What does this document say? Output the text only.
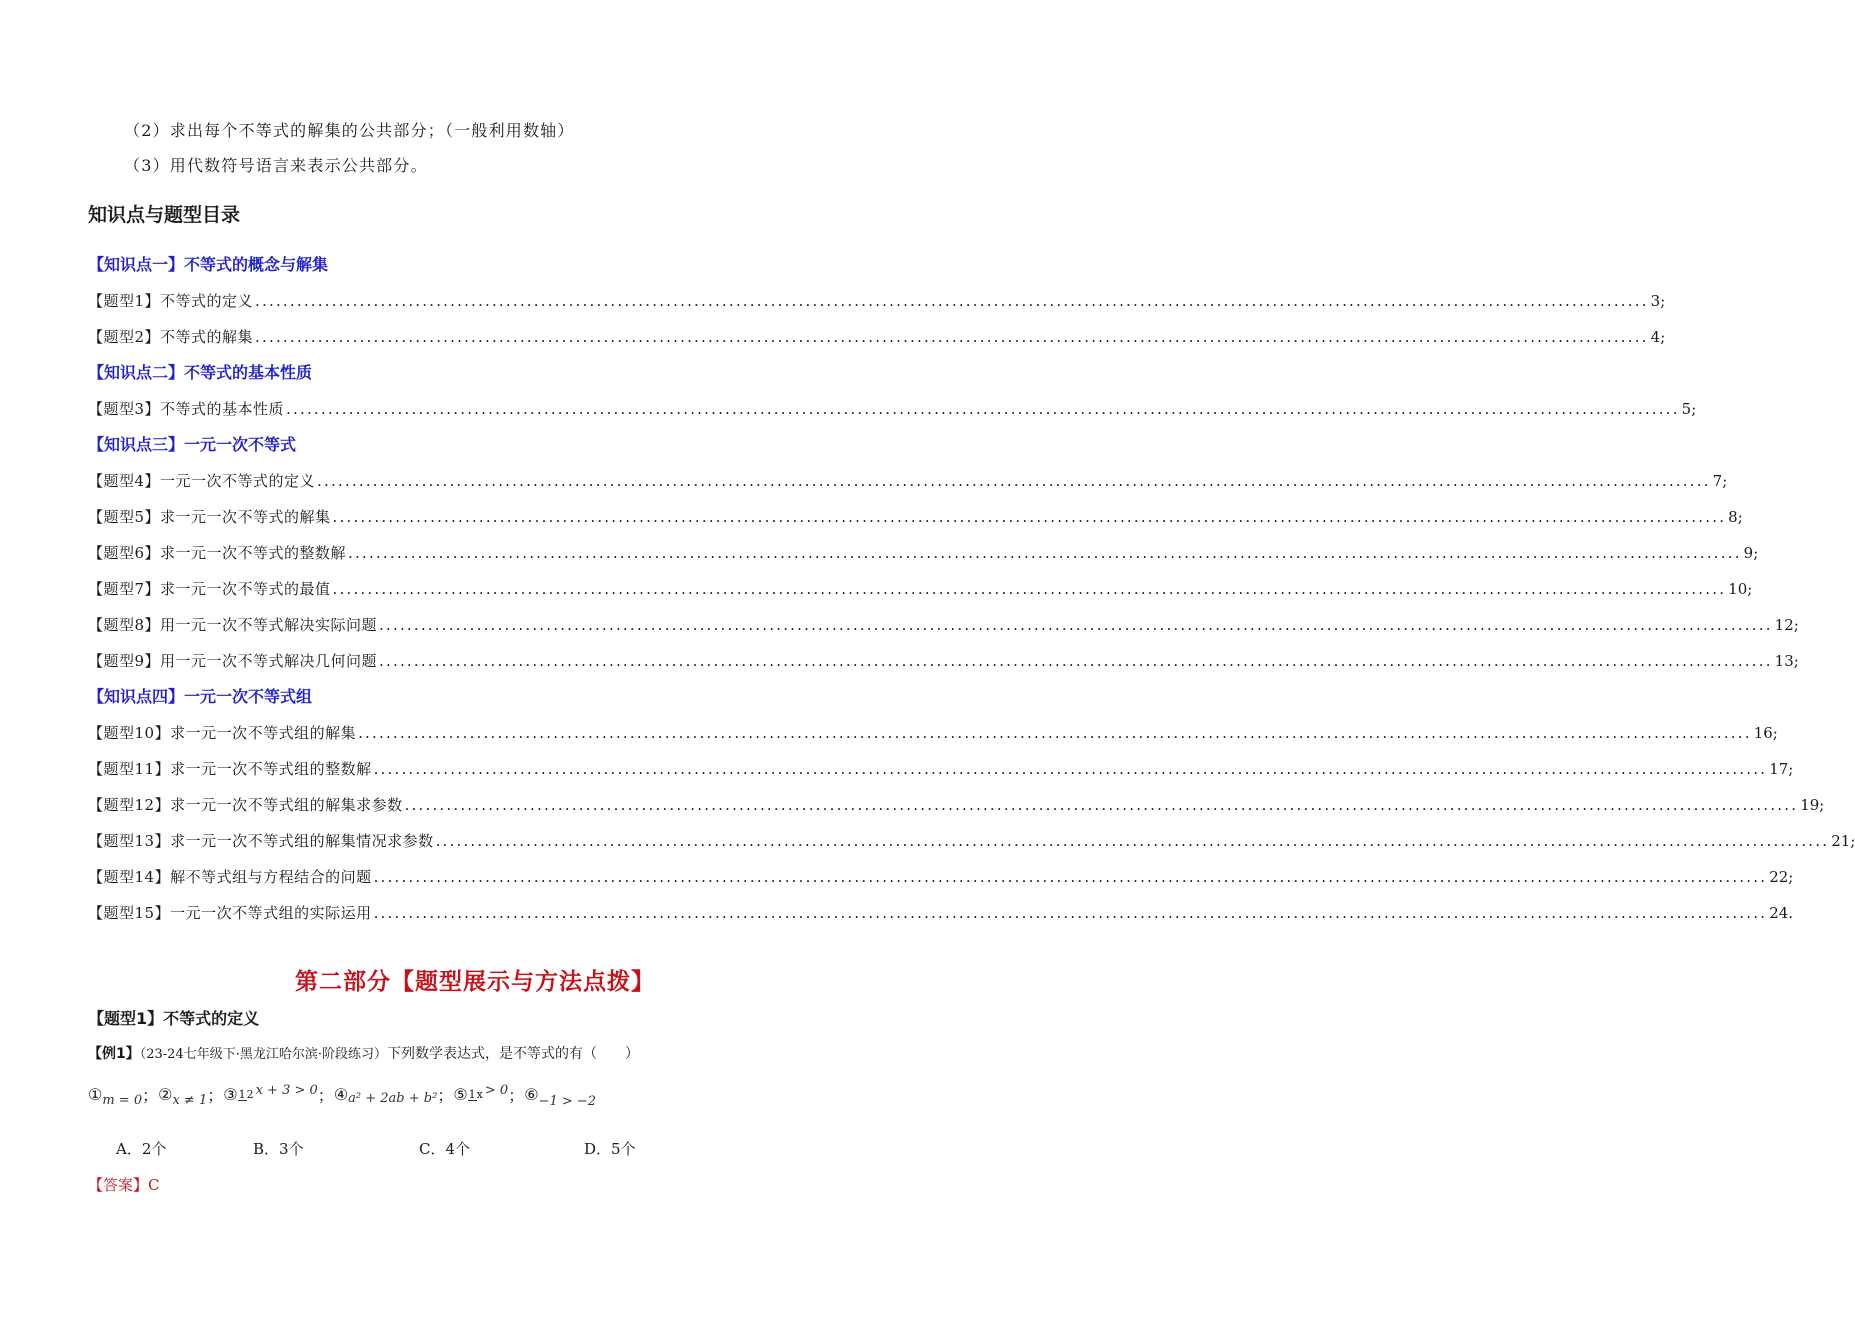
（2）求出每个不等式的解集的公共部分；（一般利用数轴）
（3）用代数符号语言来表示公共部分。
知识点与题型目录
【知识点一】不等式的概念与解集
【题型1】不等式的定义 ........................................................................................................................................................................................................ 3;
【题型2】不等式的解集 ........................................................................................................................................................................................................ 4;
【知识点二】不等式的基本性质
【题型3】不等式的基本性质 ........................................................................................................................................................................................................ 5;
【知识点三】一元一次不等式
【题型4】一元一次不等式的定义 ........................................................................................................................................................................................................ 7;
【题型5】求一元一次不等式的解集 ........................................................................................................................................................................................................ 8;
【题型6】求一元一次不等式的整数解 ........................................................................................................................................................................................................ 9;
【题型7】求一元一次不等式的最值 ........................................................................................................................................................................................................ 10;
【题型8】用一元一次不等式解决实际问题 ........................................................................................................................................................................................................ 12;
【题型9】用一元一次不等式解决几何问题 ........................................................................................................................................................................................................ 13;
【知识点四】一元一次不等式组
【题型10】求一元一次不等式组的解集 ........................................................................................................................................................................................................ 16;
【题型11】求一元一次不等式组的整数解 ........................................................................................................................................................................................................ 17;
【题型12】求一元一次不等式组的解集求参数 ........................................................................................................................................................................................................ 19;
【题型13】求一元一次不等式组的解集情况求参数 ........................................................................................................................................................................................................ 21;
【题型14】解不等式组与方程结合的问题 ........................................................................................................................................................................................................ 22;
【题型15】一元一次不等式组的实际运用 ........................................................................................................................................................................................................ 24.
第二部分【题型展示与方法点拨】
【题型1】不等式的定义
【例1】（23-24七年级下·黑龙江哈尔滨·阶段练习）下列数学表达式，是不等式的有（　　）
①m = 0；②x ≠ 1；③12 x + 3 > 0；④a² + 2ab + b²；⑤1x > 0；⑥−1 > −2
A．2个	B．3个	C．4个	D．5个
【答案】C
